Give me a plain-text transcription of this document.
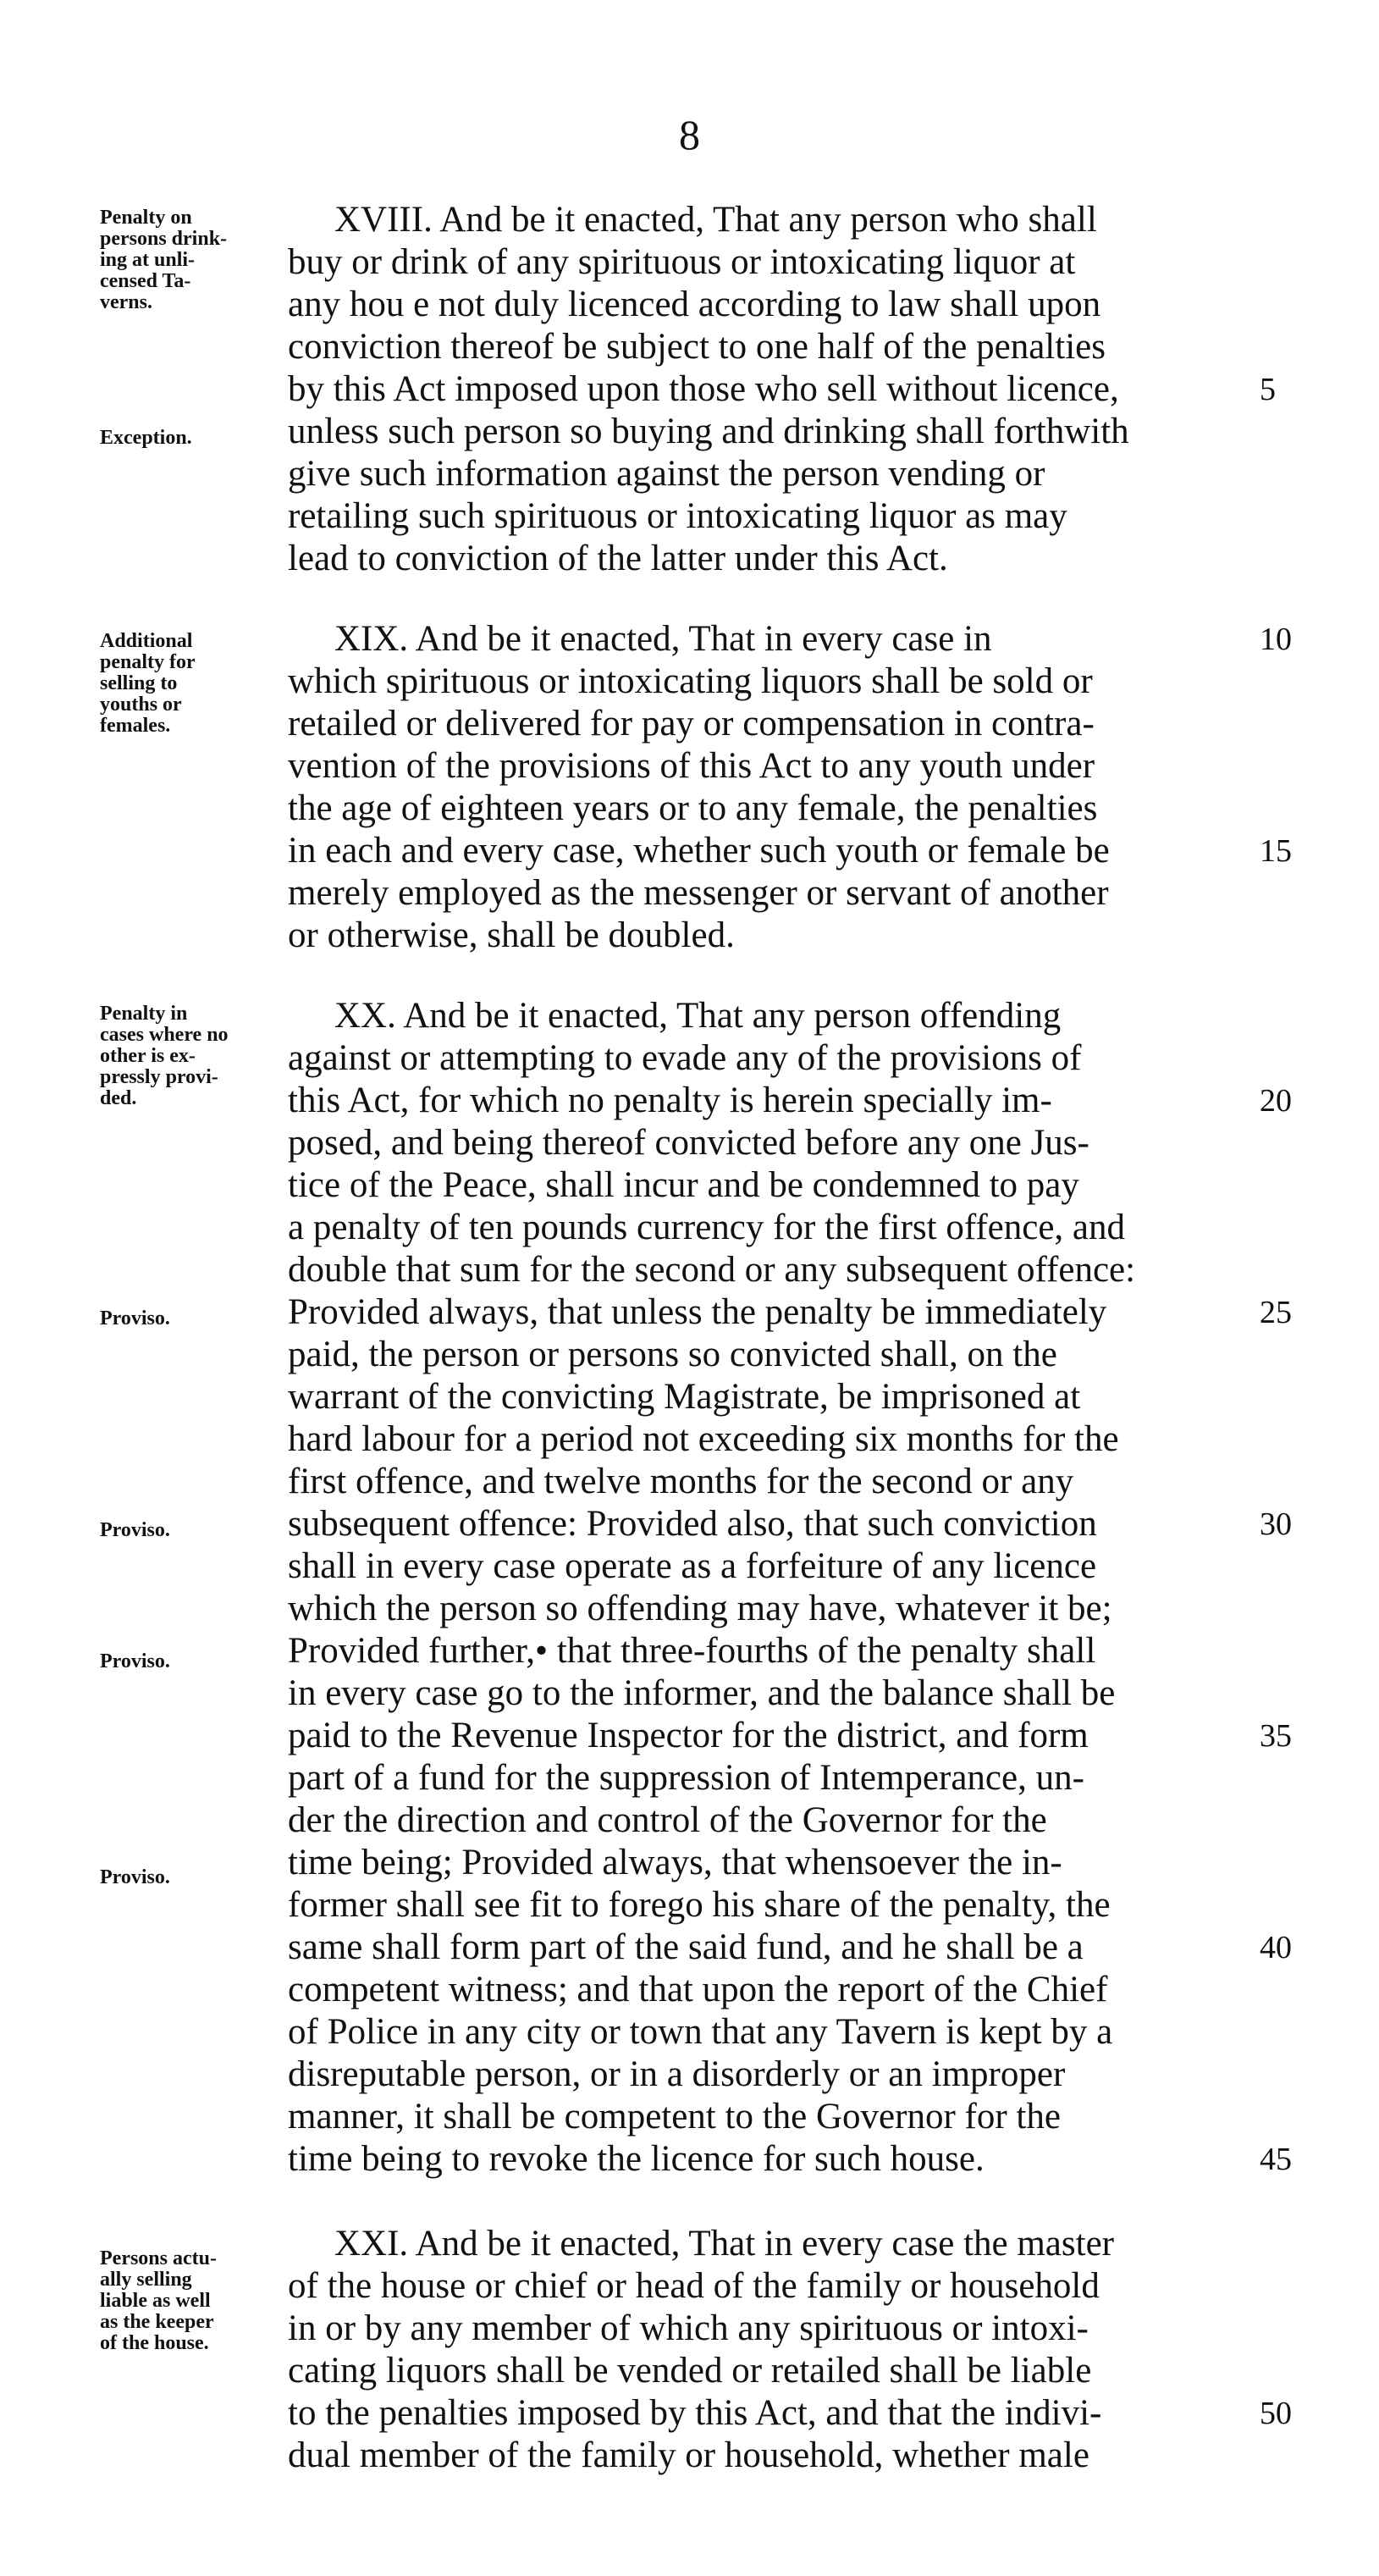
8
Penalty on
persons drink-
ing at unli-
censed Ta-
verns.
Exception.
Additional
penalty for
selling to
youths or
females.
Penalty in
cases where no
other is ex-
pressly provi-
ded.
Proviso.
Proviso.
Proviso.
Proviso.
Persons actu-
ally selling
liable as well
as the keeper
of the house.
XVIII. And be it enacted, That any person who shall
buy or drink of any spirituous or intoxicating liquor at
any hou e not duly licenced according to law shall upon
conviction thereof be subject to one half of the penalties
by this Act imposed upon those who sell without licence,
unless such person so buying and drinking shall forthwith
give such information against the person vending or
retailing such spirituous or intoxicating liquor as may
lead to conviction of the latter under this Act.
XIX. And be it enacted, That in every case in
which spirituous or intoxicating liquors shall be sold or
retailed or delivered for pay or compensation in contra-
vention of the provisions of this Act to any youth under
the age of eighteen years or to any female, the penalties
in each and every case, whether such youth or female be
merely employed as the messenger or servant of another
or otherwise, shall be doubled.
XX. And be it enacted, That any person offending
against or attempting to evade any of the provisions of
this Act, for which no penalty is herein specially im-
posed, and being thereof convicted before any one Jus-
tice of the Peace, shall incur and be condemned to pay
a penalty of ten pounds currency for the first offence, and
double that sum for the second or any subsequent offence:
Provided always, that unless the penalty be immediately
paid, the person or persons so convicted shall, on the
warrant of the convicting Magistrate, be imprisoned at
hard labour for a period not exceeding six months for the
first offence, and twelve months for the second or any
subsequent offence: Provided also, that such conviction
shall in every case operate as a forfeiture of any licence
which the person so offending may have, whatever it be;
Provided further,• that three-fourths of the penalty shall
in every case go to the informer, and the balance shall be
paid to the Revenue Inspector for the district, and form
part of a fund for the suppression of Intemperance, un-
der the direction and control of the Governor for the
time being; Provided always, that whensoever the in-
former shall see fit to forego his share of the penalty, the
same shall form part of the said fund, and he shall be a
competent witness; and that upon the report of the Chief
of Police in any city or town that any Tavern is kept by a
disreputable person, or in a disorderly or an improper
manner, it shall be competent to the Governor for the
time being to revoke the licence for such house.
XXI. And be it enacted, That in every case the master
of the house or chief or head of the family or household
in or by any member of which any spirituous or intoxi-
cating liquors shall be vended or retailed shall be liable
to the penalties imposed by this Act, and that the indivi-
dual member of the family or household, whether male
5
10
15
20
25
30
35
40
45
50
